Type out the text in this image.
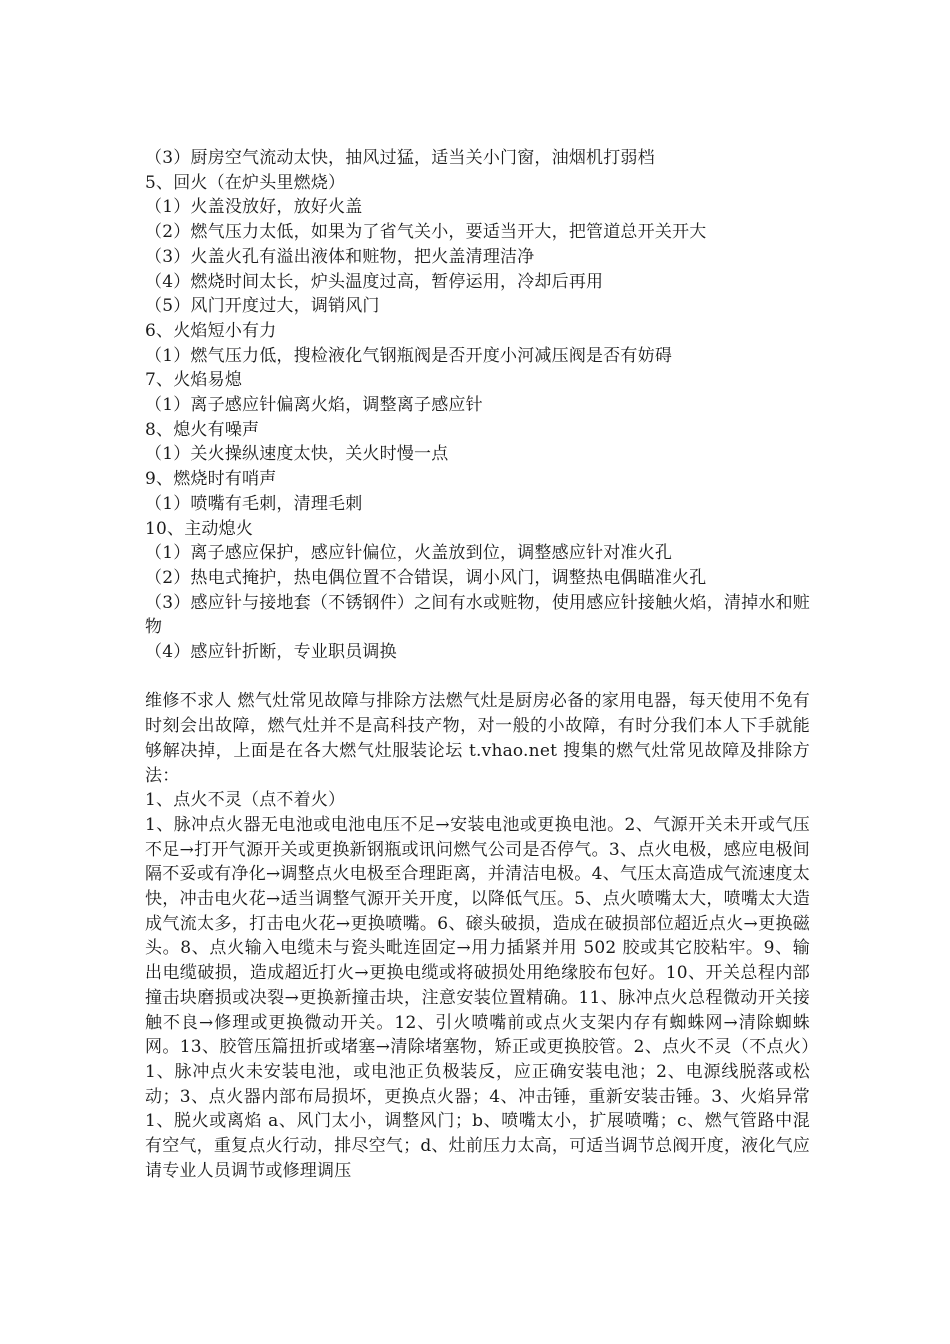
（3）厨房空气流动太快，抽风过猛，适当关小门窗，油烟机打弱档

5、回火（在炉头里燃烧）

（1）火盖没放好，放好火盖

（2）燃气压力太低，如果为了省气关小，要适当开大，把管道总开关开大

（3）火盖火孔有溢出液体和赃物，把火盖清理洁净

（4）燃烧时间太长，炉头温度过高，暂停运用，冷却后再用

（5）风门开度过大，调销风门

6、火焰短小有力

（1）燃气压力低，搜检液化气钢瓶阀是否开度小河减压阀是否有妨碍

7、火焰易熄

（1）离子感应针偏离火焰，调整离子感应针

8、熄火有噪声

（1）关火操纵速度太快，关火时慢一点

9、燃烧时有哨声

（1）喷嘴有毛刺，清理毛刺

10、主动熄火

（1）离子感应保护，感应针偏位，火盖放到位，调整感应针对准火孔

（2）热电式掩护，热电偶位置不合错误，调小风门，调整热电偶瞄准火孔

（3）感应针与接地套（不锈钢件）之间有水或赃物，使用感应针接触火焰，清掉水和赃物

（4）感应针折断，专业职员调换

维修不求人 燃气灶常见故障与排除方法燃气灶是厨房必备的家用电器，每天使用不免有时刻会出故障，燃气灶并不是高科技产物，对一般的小故障，有时分我们本人下手就能够解决掉，上面是在各大燃气灶服装论坛 t.vhao.net 搜集的燃气灶常见故障及排除方法：

1、点火不灵（点不着火）

1、脉冲点火器无电池或电池电压不足→安装电池或更换电池。2、气源开关未开或气压不足→打开气源开关或更换新钢瓶或讯问燃气公司是否停气。3、点火电极，感应电极间隔不妥或有净化→调整点火电极至合理距离，并清洁电极。4、气压太高造成气流速度太快，冲击电火花→适当调整气源开关开度，以降低气压。5、点火喷嘴太大，喷嘴太大造成气流太多，打击电火花→更换喷嘴。6、磙头破损，造成在破损部位超近点火→更换磁头。8、点火输入电缆未与瓷头毗连固定→用力插紧并用 502 胶或其它胶粘牢。9、输出电缆破损，造成超近打火→更换电缆或将破损处用绝缘胶布包好。10、开关总程内部撞击块磨损或决裂→更换新撞击块，注意安装位置精确。11、脉冲点火总程微动开关接触不良→修理或更换微动开关。12、引火喷嘴前或点火支架内存有蜘蛛网→清除蜘蛛网。13、胶管压篇扭折或堵塞→清除堵塞物，矫正或更换胶管。2、点火不灵（不点火）1、脉冲点火未安装电池，或电池正负极装反，应正确安装电池；2、电源线脱落或松动；3、点火器内部布局损坏，更换点火器；4、冲击锤，重新安装击锤。3、火焰异常 1、脱火或离焰 a、风门太小，调整风门；b、喷嘴太小，扩展喷嘴；c、燃气管路中混有空气，重复点火行动，排尽空气；d、灶前压力太高，可适当调节总阀开度，液化气应请专业人员调节或修理调压
